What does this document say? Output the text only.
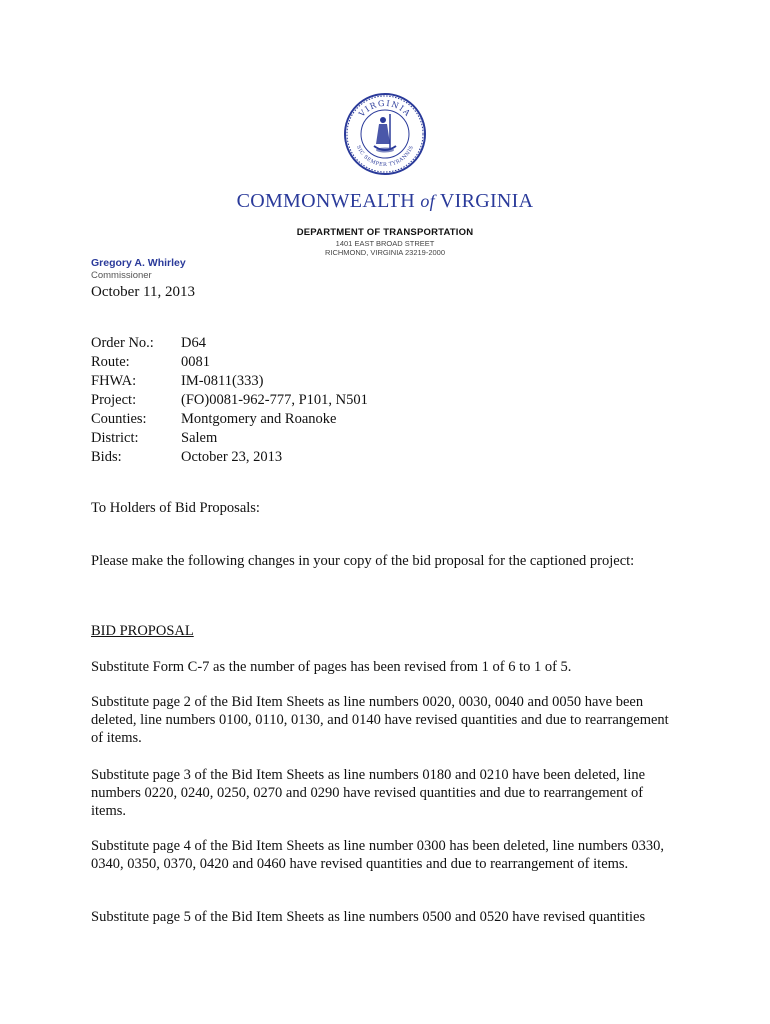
VIRGINIA
SIC SEMPER TYRANNIS
COMMONWEALTH of VIRGINIA
DEPARTMENT OF TRANSPORTATION
1401 EAST BROAD STREET
RICHMOND, VIRGINIA 23219-2000
Gregory A. Whirley
Commissioner
October 11, 2013
Order No.:	D64
Route:	0081
FHWA:	IM-0811(333)
Project:	(FO)0081-962-777, P101, N501
Counties:	Montgomery and Roanoke
District:	Salem
Bids:	October 23, 2013
To Holders of Bid Proposals:
Please make the following changes in your copy of the bid proposal for the captioned project:
BID PROPOSAL
Substitute Form C-7 as the number of pages has been revised from 1 of 6 to 1 of 5.
Substitute page 2 of the Bid Item Sheets as line numbers 0020, 0030, 0040 and 0050 have been deleted, line numbers 0100, 0110, 0130, and 0140 have revised quantities and due to rearrangement of items.
Substitute page 3 of the Bid Item Sheets as line numbers 0180 and 0210 have been deleted, line numbers 0220, 0240, 0250, 0270 and 0290 have revised quantities and due to rearrangement of items.
Substitute page 4 of the Bid Item Sheets as line number 0300 has been deleted, line numbers 0330, 0340, 0350, 0370, 0420 and 0460 have revised quantities and due to rearrangement of items.
Substitute page 5 of the Bid Item Sheets as line numbers 0500 and 0520 have revised quantities
